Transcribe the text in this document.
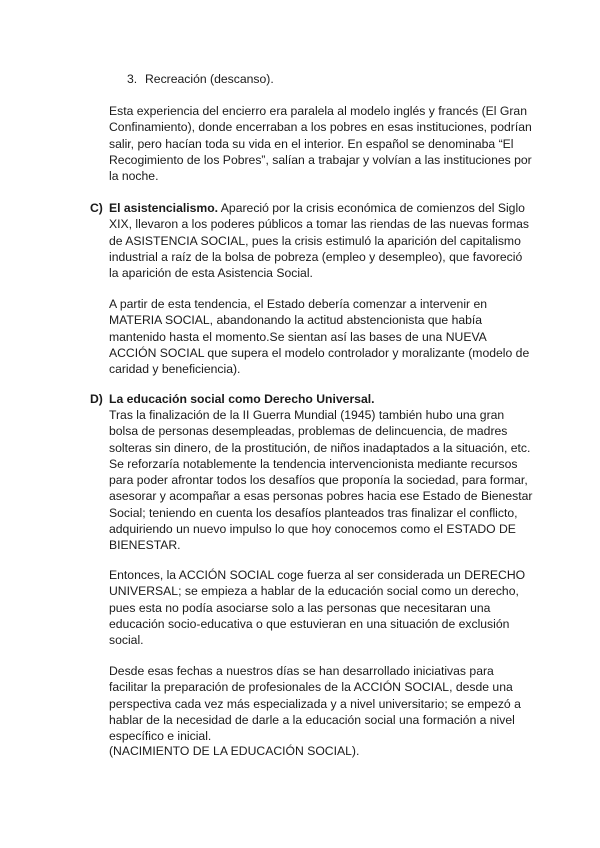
3. Recreación (descanso).

Esta experiencia del encierro era paralela al modelo inglés y francés (El Gran Confinamiento), donde encerraban a los pobres en esas instituciones, podrían salir, pero hacían toda su vida en el interior. En español se denominaba “El Recogimiento de los Pobres”, salían a trabajar y volvían a las instituciones por la noche.

C) El asistencialismo. Apareció por la crisis económica de comienzos del Siglo XIX, llevaron a los poderes públicos a tomar las riendas de las nuevas formas de ASISTENCIA SOCIAL, pues la crisis estimuló la aparición del capitalismo industrial a raíz de la bolsa de pobreza (empleo y desempleo), que favoreció la aparición de esta Asistencia Social.

A partir de esta tendencia, el Estado debería comenzar a intervenir en MATERIA SOCIAL, abandonando la actitud abstencionista que había mantenido hasta el momento.Se sientan así las bases de una NUEVA ACCIÓN SOCIAL que supera el modelo controlador y moralizante (modelo de caridad y beneficiencia).

D) La educación social como Derecho Universal.

Tras la finalización de la II Guerra Mundial (1945) también hubo una gran bolsa de personas desempleadas, problemas de delincuencia, de madres solteras sin dinero, de la prostitución, de niños inadaptados a la situación, etc. Se reforzaría notablemente la tendencia intervencionista mediante recursos para poder afrontar todos los desafíos que proponía la sociedad, para formar, asesorar y acompañar a esas personas pobres hacia ese Estado de Bienestar Social; teniendo en cuenta los desafíos planteados tras finalizar el conflicto, adquiriendo un nuevo impulso lo que hoy conocemos como el ESTADO DE BIENESTAR.

Entonces, la ACCIÓN SOCIAL coge fuerza al ser considerada un DERECHO UNIVERSAL; se empieza a hablar de la educación social como un derecho, pues esta no podía asociarse solo a las personas que necesitaran una educación socio-educativa o que estuvieran en una situación de exclusión social.

Desde esas fechas a nuestros días se han desarrollado iniciativas para facilitar la preparación de profesionales de la ACCIÓN SOCIAL, desde una perspectiva cada vez más especializada y a nivel universitario; se empezó a hablar de la necesidad de darle a la educación social una formación a nivel específico e inicial.

(NACIMIENTO DE LA EDUCACIÓN SOCIAL).
